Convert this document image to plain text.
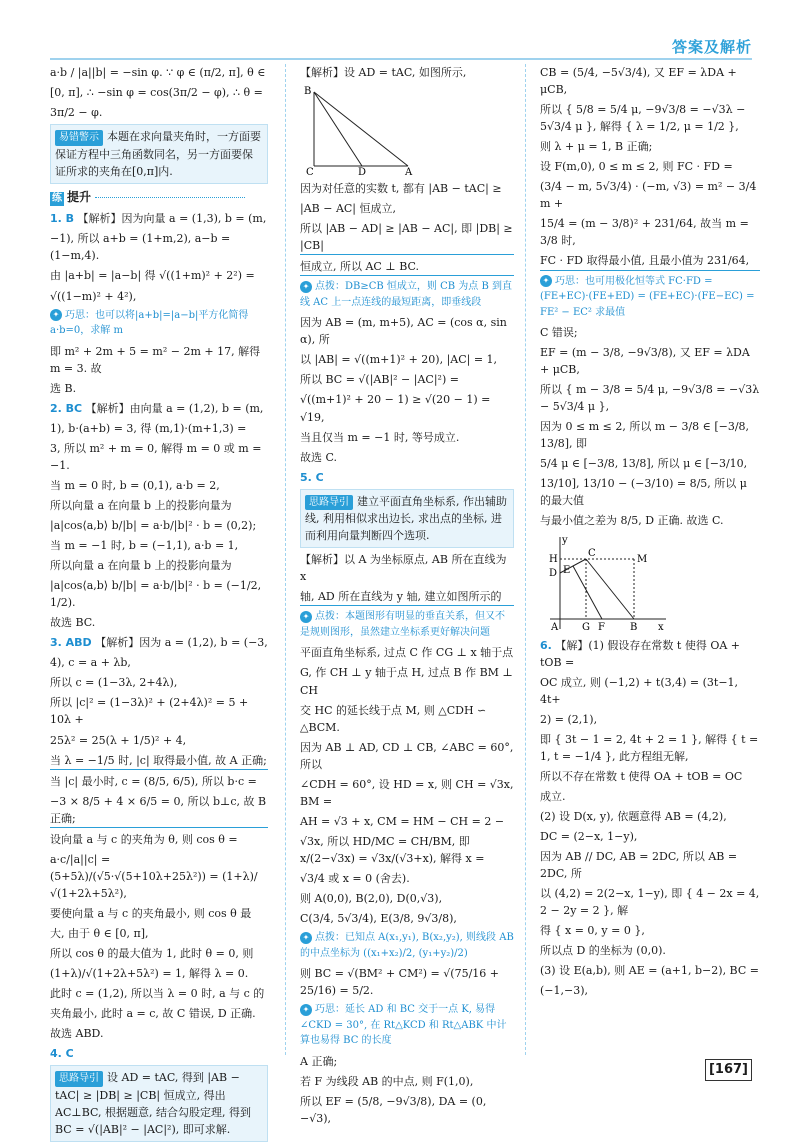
答案及解析

a·b / |a||b| = −sin φ. ∵ φ ∈ (π/2, π], θ ∈

[0, π], ∴ −sin φ = cos(3π/2 − φ), ∴ θ =

3π/2 − φ.

易错警示 本题在求向量夹角时，一方面要保证方程中三角函数同名，另一方面要保证所求的夹角在[0,π]内.
练 提升

1. B 【解析】因为向量 a = (1,3), b = (m,

−1), 所以 a+b = (1+m,2), a−b = (1−m,4).

由 |a+b| = |a−b| 得 √((1+m)² + 2²) =

√((1−m)² + 4²),

✦ 巧思：也可以将|a+b|=|a−b|平方化简得 a·b=0，求解 m

即 m² + 2m + 5 = m² − 2m + 17, 解得 m = 3. 故

选 B.

2. BC 【解析】由向量 a = (1,2), b = (m,

1), b·(a+b) = 3, 得 (m,1)·(m+1,3) =

3, 所以 m² + m = 0, 解得 m = 0 或 m = −1.

当 m = 0 时, b = (0,1), a·b = 2,

所以向量 a 在向量 b 上的投影向量为

|a|cos⟨a,b⟩ b/|b| = a·b/|b|² · b = (0,2);

当 m = −1 时, b = (−1,1), a·b = 1,

所以向量 a 在向量 b 上的投影向量为

|a|cos⟨a,b⟩ b/|b| = a·b/|b|² · b = (−1/2, 1/2).

故选 BC.

3. ABD 【解析】因为 a = (1,2), b = (−3,

4), c = a + λb,

所以 c = (1−3λ, 2+4λ),

所以 |c|² = (1−3λ)² + (2+4λ)² = 5 + 10λ +

25λ² = 25(λ + 1/5)² + 4,

当 λ = −1/5 时, |c| 取得最小值, 故 A 正确;

当 |c| 最小时, c = (8/5, 6/5), 所以 b·c =

−3 × 8/5 + 4 × 6/5 = 0, 所以 b⊥c, 故 B 正确;

设向量 a 与 c 的夹角为 θ, 则 cos θ =

a·c/|a||c| = (5+5λ)/(√5·√(5+10λ+25λ²)) = (1+λ)/√(1+2λ+5λ²),

要使向量 a 与 c 的夹角最小, 则 cos θ 最

大, 由于 θ ∈ [0, π],

所以 cos θ 的最大值为 1, 此时 θ = 0, 则

(1+λ)/√(1+2λ+5λ²) = 1, 解得 λ = 0.

此时 c = (1,2), 所以当 λ = 0 时, a 与 c 的

夹角最小, 此时 a = c, 故 C 错误, D 正确.

故选 ABD.

4. C

思路导引 设 AD = tAC, 得到 |AB − tAC| ≥ |DB| ≥ |CB| 恒成立, 得出 AC⊥BC, 根据题意, 结合勾股定理, 得到 BC = √(|AB|² − |AC|²), 即可求解.

【解析】设 AD = tAC, 如图所示,

B
C	D	A

因为对任意的实数 t, 都有 |AB − tAC| ≥

|AB − AC| 恒成立,

所以 |AB − AD| ≥ |AB − AC|, 即 |DB| ≥ |CB|

恒成立, 所以 AC ⊥ BC.

✦ 点拨：DB≥CB 恒成立，则 CB 为点 B 到直线 AC 上一点连线的最短距离，即垂线段

因为 AB = (m, m+5), AC = (cos α, sin α), 所

以 |AB| = √((m+1)² + 20), |AC| = 1,

所以 BC = √(|AB|² − |AC|²) =

√((m+1)² + 20 − 1) ≥ √(20 − 1) = √19,

当且仅当 m = −1 时, 等号成立.

故选 C.

5. C

思路导引 建立平面直角坐标系, 作出辅助线, 利用相似求出边长, 求出点的坐标, 进而利用向量判断四个选项.

【解析】以 A 为坐标原点, AB 所在直线为 x

轴, AD 所在直线为 y 轴, 建立如图所示的

✦ 点拨：本题图形有明显的垂直关系，但又不是规则图形，虽然建立坐标系更好解决问题

平面直角坐标系, 过点 C 作 CG ⊥ x 轴于点

G, 作 CH ⊥ y 轴于点 H, 过点 B 作 BM ⊥ CH

交 HC 的延长线于点 M, 则 △CDH ∽ △BCM.

因为 AB ⊥ AD, CD ⊥ CB, ∠ABC = 60°, 所以

∠CDH = 60°, 设 HD = x, 则 CH = √3x, BM =

AH = √3 + x, CM = HM − CH = 2 −

√3x, 所以 HD/MC = CH/BM, 即 x/(2−√3x) = √3x/(√3+x), 解得 x =

√3/4 或 x = 0 (舍去).

则 A(0,0), B(2,0), D(0,√3),

C(3/4, 5√3/4), E(3/8, 9√3/8),

✦ 点拨：已知点 A(x₁,y₁), B(x₂,y₂), 则线段 AB 的中点坐标为 ((x₁+x₂)/2, (y₁+y₂)/2)

则 BC = √(BM² + CM²) = √(75/16 + 25/16) = 5/2.

✦ 巧思：延长 AD 和 BC 交于一点 K, 易得 ∠CKD = 30°, 在 Rt△KCD 和 Rt△ABK 中计算也易得 BC 的长度

A 正确;

若 F 为线段 AB 的中点, 则 F(1,0),

所以 EF = (5/8, −9√3/8), DA = (0, −√3),

CB = (5/4, −5√3/4), 又 EF = λDA + μCB,

所以 { 5/8 = 5/4 μ, −9√3/8 = −√3λ − 5√3/4 μ }, 解得 { λ = 1/2, μ = 1/2 },

则 λ + μ = 1, B 正确;

设 F(m,0), 0 ≤ m ≤ 2, 则 FC · FD =

(3/4 − m, 5√3/4) · (−m, √3) = m² − 3/4 m +

15/4 = (m − 3/8)² + 231/64, 故当 m = 3/8 时,

FC · FD 取得最小值, 且最小值为 231/64,

✦ 巧思：也可用极化恒等式 FC·FD = (FE+EC)·(FE+ED) = (FE+EC)·(FE−EC) = FE² − EC² 求最值

C 错误;

EF = (m − 3/8, −9√3/8), 又 EF = λDA + μCB,

所以 { m − 3/8 = 5/4 μ, −9√3/8 = −√3λ − 5√3/4 μ },

因为 0 ≤ m ≤ 2, 所以 m − 3/8 ∈ [−3/8, 13/8], 即

5/4 μ ∈ [−3/8, 13/8], 所以 μ ∈ [−3/10,

13/10], 13/10 − (−3/10) = 8/5, 所以 μ 的最大值

与最小值之差为 8/5, D 正确. 故选 C.

y
H
C
D E
M
A G F	B x

6. 【解】(1) 假设存在常数 t 使得 OA + tOB =

OC 成立, 则 (−1,2) + t(3,4) = (3t−1, 4t+

2) = (2,1),

即 { 3t − 1 = 2, 4t + 2 = 1 }, 解得 { t = 1, t = −1/4 }, 此方程组无解,

所以不存在常数 t 使得 OA + tOB = OC

成立.

(2) 设 D(x, y), 依题意得 AB = (4,2),

DC = (2−x, 1−y),

因为 AB // DC, AB = 2DC, 所以 AB = 2DC, 所

以 (4,2) = 2(2−x, 1−y), 即 { 4 − 2x = 4, 2 − 2y = 2 }, 解

得 { x = 0, y = 0 },

所以点 D 的坐标为 (0,0).

(3) 设 E(a,b), 则 AE = (a+1, b−2), BC =

(−1,−3),

[167]
